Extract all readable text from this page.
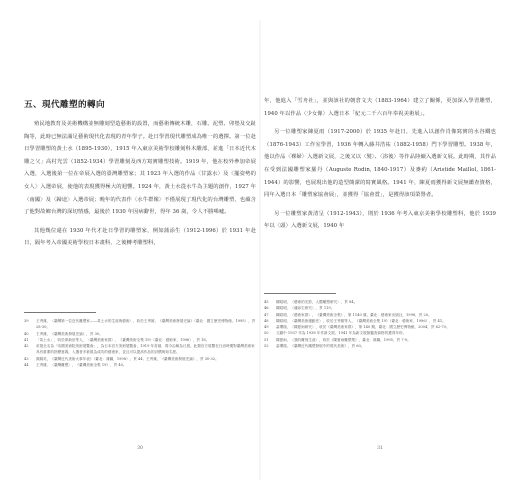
五、現代雕塑的轉向

殖民地教育及美術機構並無雕刻型造藝術的設置，而藝術傳統木雕，石雕、泥塑、卯墊及交趾陶等，此時已無法滿足藝術現代化表現的青年學子。赴日學習現代雕塑成為唯一的選擇。第一位赴日學習雕塑的黃土水（1895-1930），1915 年入東京美術學校雕刻科木雕部，並進「日本近代木雕之父」高村光雲（1852-1934）學習雕刻及西方寫實雕塑技術。1919 年，他在校外參加帝展入選，入選後第一位在帝展入選的臺灣雕塑家；其 1923 年入選的作品〈甘露水〉及〈擺姿勢的女人〉入選帝展，使他的表現獲得極大的迴響。1924 年，黃土水從水牛為主題的創作，1927 年〈南國〉及〈歸途〉入選帝展；晚年的代表作〈水牛群像〉不僅展現了現代化的台灣雕塑，也蘊含了他對故鄉台灣的深切情感，最後於 1930 年因病辭世，得年 36 歲，令人不勝唏噓。

其他幾位還在 1930 年代才赴日學習的雕塑家，例如蒲添生（1912-1996）於 1931 年赴日，隔年考入帝國美術學校日本畫科，之後轉考雕塑科，

39	王秀雄，〈臺灣第一位近代雕塑家——黃土水的生涯與藝術〉，收於王秀雄，《臺灣美術發展史論》（臺北：國立歷史博物館，1995），頁 28-30。
40	王秀雄，《臺灣美術發展史論》，頁 30。
41	「黃土水」，收於廖新田等人，〈臺灣美術家群〉，《臺灣美術全集 19》（臺北：藝術家，1996），頁 18。
42	帝展全名為「帝國美術院美術展覽會」，為日本官方美術展覽會，1919 年首創，現今沿稱為日展。此類官方展覽在日治時期對臺灣美術家具有重要的指標意義，入選者多被視為成功的藝術家，並且可以提高作品的評價與知名度。
43	顏娟英，《臺灣近代美術大事年表》（臺北：雄獅，1998），頁 44；王秀雄，《臺灣美術發展史論》，頁 30-32。
44	王秀雄，〈臺灣雕塑〉，《臺灣美術全集 19》，頁 40。
30

年，他進入「雪舟社」，並與該社的朝倉文夫（1883-1964）建立了關係，更加深入學習雕塑，1940 年以作品〈少女像〉入選日本「紀元二千六百年奉祝美術展」。

另一位雕塑家陳夏雨（1917-2000）於 1935 年赴日，先進入以創作肖像寫實的水谷鐵也（1876-1943）工作室學習，1936 年轉入藤井浩祐（1882-1958）門下學習雕塑。1938 年，他以作品〈裸婦〉入選新文展，之後又以〈髮〉、〈浴後〉等作品陸續入選新文展。此時期，其作品在受到法國雕塑家羅丹（Auguste Rodin, 1840-1917）及麥約（Aristide Maillol, 1861-1944）的影響，也展現出他的造型簡潔的寫實風格。1941 年，陳夏雨獲得新文展無鑑查資格，同年入選日本「雕塑家協會展」，並獲得「協會賞」，是獲得該項榮譽者。

另一位雕塑家黃清呈（1912-1943），則於 1936 年考入東京美術學校雕塑科，他於 1939 年以〈頭〉入選新文展，1940 年

45	陳昭明，〈藝術的光影，人體雕塑研究〉，頁 84。
46	陳昭明，〈蒲添生研究〉，頁 119。
47	陳昭明，〈藝術家群〉，《臺灣美術全集》，第 1140 號。臺北：藝術家出版社，1998，頁 20。
48	陳昭明，〈臺灣美術運動史〉，收於王秀雄等人，《臺灣美術全集 19》（臺北：藝術家，1996），頁 41。
49	蕭瓊瑞，〈陳夏雨研究〉，收於《臺灣美術家群》，第 140 期，臺北：國立歷史博物館，2004，頁 62-70。
50	文獻中 1937 年為 1938 年作新文展，1941 年為新文展無鑑查資格的獲得年份。
51	陳夏雨，〈我的雕刻生涯〉，收於《陳夏雨雕塑集》，臺北：雄獅，1995，頁 7-9。
52	蕭瓊瑞，《臺灣近代雕塑發展中的現代美術》，頁 60。
31
